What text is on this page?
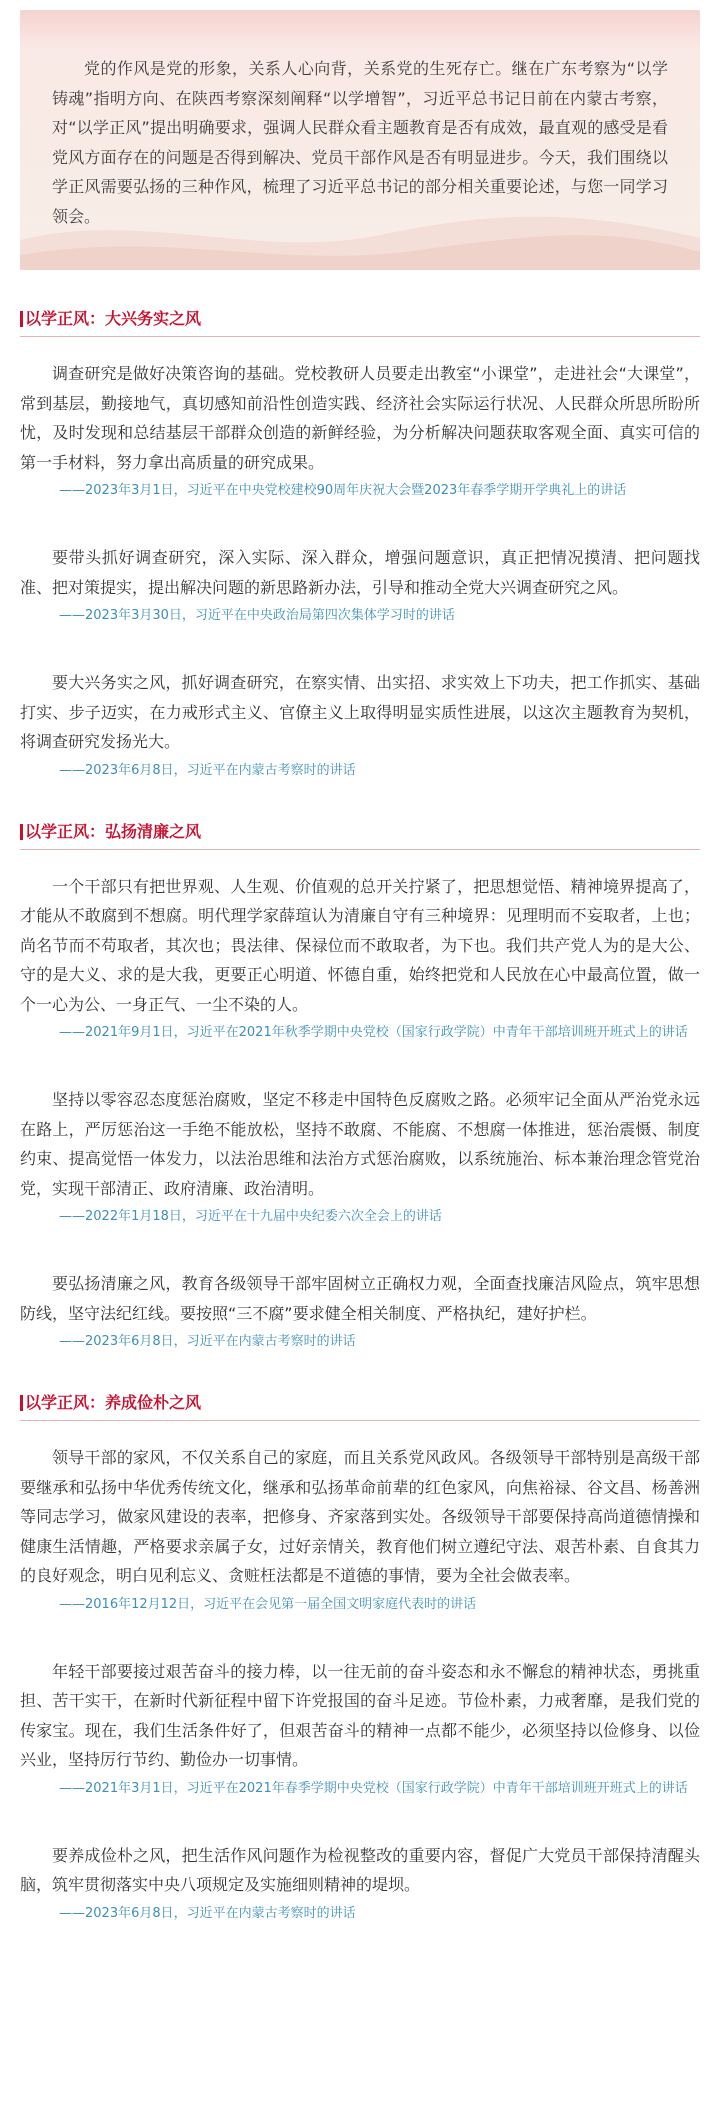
党的作风是党的形象，关系人心向背，关系党的生死存亡。继在广东考察为“以学铸魂”指明方向、在陕西考察深刻阐释“以学增智”，习近平总书记日前在内蒙古考察，对“以学正风”提出明确要求，强调人民群众看主题教育是否有成效，最直观的感受是看党风方面存在的问题是否得到解决、党员干部作风是否有明显进步。今天，我们围绕以学正风需要弘扬的三种作风，梳理了习近平总书记的部分相关重要论述，与您一同学习领会。
以学正风：大兴务实之风
调查研究是做好决策咨询的基础。党校教研人员要走出教室“小课堂”，走进社会“大课堂”，常到基层，勤接地气，真切感知前沿性创造实践、经济社会实际运行状况、人民群众所思所盼所忧，及时发现和总结基层干部群众创造的新鲜经验，为分析解决问题获取客观全面、真实可信的第一手材料，努力拿出高质量的研究成果。
——2023年3月1日，习近平在中央党校建校90周年庆祝大会暨2023年春季学期开学典礼上的讲话
要带头抓好调查研究，深入实际、深入群众，增强问题意识，真正把情况摸清、把问题找准、把对策提实，提出解决问题的新思路新办法，引导和推动全党大兴调查研究之风。
——2023年3月30日，习近平在中央政治局第四次集体学习时的讲话
要大兴务实之风，抓好调查研究，在察实情、出实招、求实效上下功夫，把工作抓实、基础打实、步子迈实，在力戒形式主义、官僚主义上取得明显实质性进展，以这次主题教育为契机，将调查研究发扬光大。
——2023年6月8日，习近平在内蒙古考察时的讲话
以学正风：弘扬清廉之风
一个干部只有把世界观、人生观、价值观的总开关拧紧了，把思想觉悟、精神境界提高了，才能从不敢腐到不想腐。明代理学家薛瑄认为清廉自守有三种境界：见理明而不妄取者，上也；尚名节而不苟取者，其次也；畏法律、保禄位而不敢取者，为下也。我们共产党人为的是大公、守的是大义、求的是大我，更要正心明道、怀德自重，始终把党和人民放在心中最高位置，做一个一心为公、一身正气、一尘不染的人。
——2021年9月1日，习近平在2021年秋季学期中央党校（国家行政学院）中青年干部培训班开班式上的讲话
坚持以零容忍态度惩治腐败，坚定不移走中国特色反腐败之路。必须牢记全面从严治党永远在路上，严厉惩治这一手绝不能放松，坚持不敢腐、不能腐、不想腐一体推进，惩治震慑、制度约束、提高觉悟一体发力，以法治思维和法治方式惩治腐败，以系统施治、标本兼治理念管党治党，实现干部清正、政府清廉、政治清明。
——2022年1月18日，习近平在十九届中央纪委六次全会上的讲话
要弘扬清廉之风，教育各级领导干部牢固树立正确权力观，全面查找廉洁风险点，筑牢思想防线，坚守法纪红线。要按照“三不腐”要求健全相关制度、严格执纪，建好护栏。
——2023年6月8日，习近平在内蒙古考察时的讲话
以学正风：养成俭朴之风
领导干部的家风，不仅关系自己的家庭，而且关系党风政风。各级领导干部特别是高级干部要继承和弘扬中华优秀传统文化，继承和弘扬革命前辈的红色家风，向焦裕禄、谷文昌、杨善洲等同志学习，做家风建设的表率，把修身、齐家落到实处。各级领导干部要保持高尚道德情操和健康生活情趣，严格要求亲属子女，过好亲情关，教育他们树立遵纪守法、艰苦朴素、自食其力的良好观念，明白见利忘义、贪赃枉法都是不道德的事情，要为全社会做表率。
——2016年12月12日，习近平在会见第一届全国文明家庭代表时的讲话
年轻干部要接过艰苦奋斗的接力棒，以一往无前的奋斗姿态和永不懈怠的精神状态，勇挑重担、苦干实干，在新时代新征程中留下许党报国的奋斗足迹。节俭朴素，力戒奢靡，是我们党的传家宝。现在，我们生活条件好了，但艰苦奋斗的精神一点都不能少，必须坚持以俭修身、以俭兴业，坚持厉行节约、勤俭办一切事情。
——2021年3月1日，习近平在2021年春季学期中央党校（国家行政学院）中青年干部培训班开班式上的讲话
要养成俭朴之风，把生活作风问题作为检视整改的重要内容，督促广大党员干部保持清醒头脑，筑牢贯彻落实中央八项规定及实施细则精神的堤坝。
——2023年6月8日，习近平在内蒙古考察时的讲话
